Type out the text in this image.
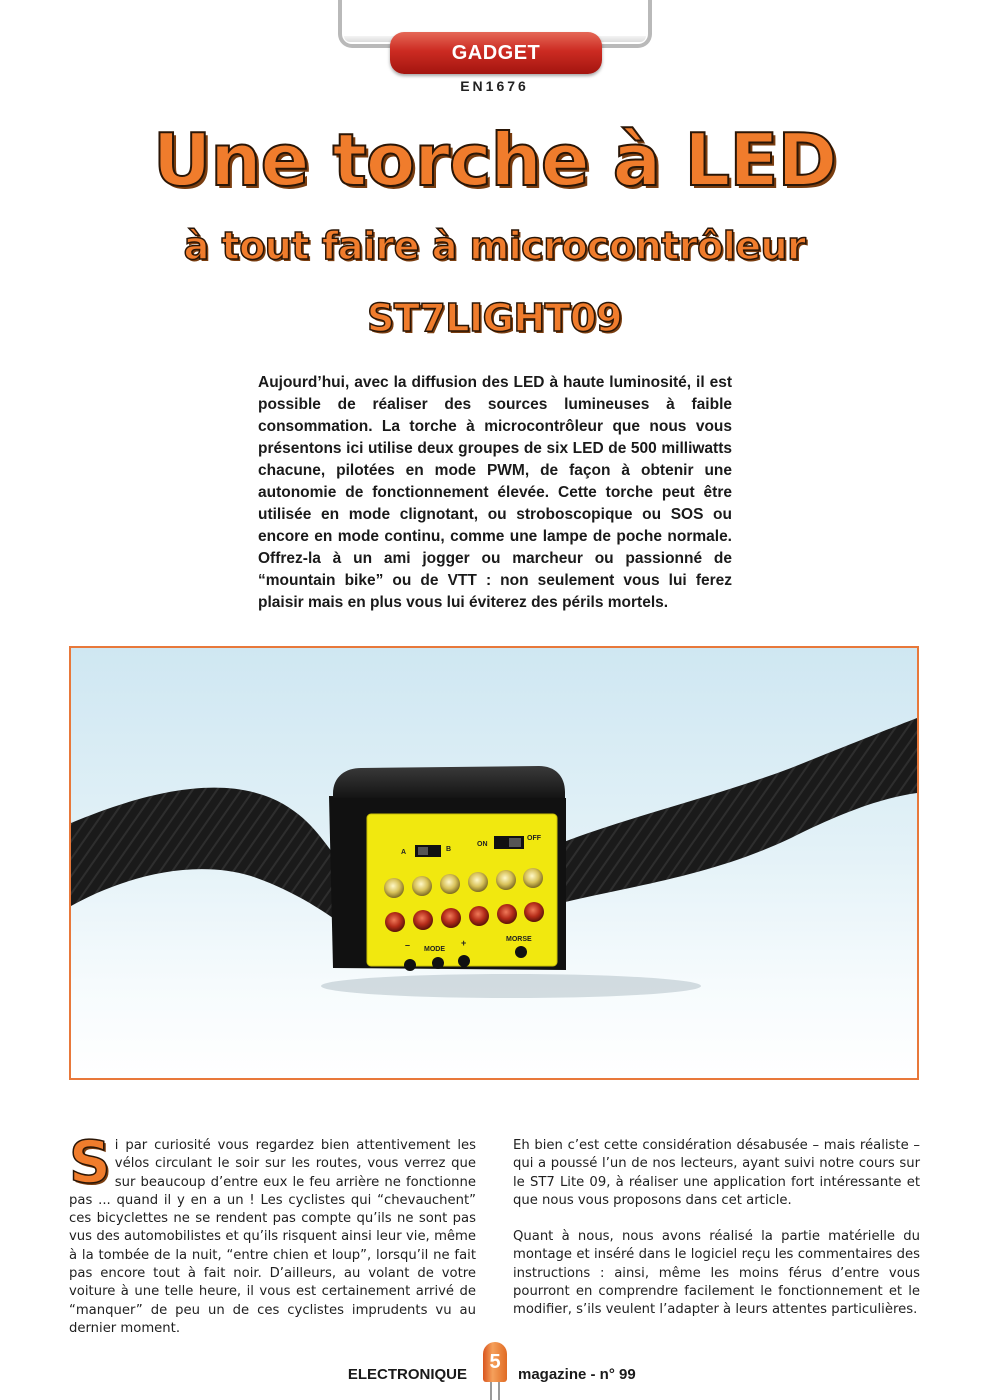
GADGET
EN1676
Une torche à LED
à tout faire à microcontrôleur
ST7LIGHT09

Aujourd’hui, avec la diffusion des LED à haute luminosité, il est possible de réaliser des sources lumineuses à faible consommation. La torche à microcontrôleur que nous vous présentons ici utilise deux groupes de six LED de 500 milliwatts chacune, pilotées en mode PWM, de façon à obtenir une autonomie de fonctionnement élevée. Cette torche peut être utilisée en mode clignotant, ou stroboscopique ou SOS ou encore en mode continu, comme une lampe de poche normale. Offrez-la à un ami jogger ou marcheur ou passionné de “mountain bike” ou de VTT : non seulement vous lui ferez plaisir mais en plus vous lui éviterez des périls mortels.

A	B
ON
OFF
– MODE
+	MORSE

Si par curiosité vous regardez bien attentivement les vélos circulant le soir sur les routes, vous verrez que sur beaucoup d’entre eux le feu arrière ne fonctionne pas ... quand il y en a un ! Les cyclistes qui “chevauchent” ces bicyclettes ne se rendent pas compte qu’ils ne sont pas vus des automobilistes et qu’ils risquent ainsi leur vie, même à la tombée de la nuit, “entre chien et loup”, lorsqu’il ne fait pas encore tout à fait noir. D’ailleurs, au volant de votre voiture à une telle heure, il vous est certainement arrivé de “manquer” de peu un de ces cyclistes imprudents vu au dernier moment.

Eh bien c’est cette considération désabusée – mais réaliste – qui a poussé l’un de nos lecteurs, ayant suivi notre cours sur le ST7 Lite 09, à réaliser une application fort intéressante et que nous vous proposons dans cet article.

Quant à nous, nous avons réalisé la partie matérielle du montage et inséré dans le logiciel reçu les commentaires des instructions : ainsi, même les moins férus d’entre vous pourront en comprendre facilement le fonctionnement et le modifier, s’ils veulent l’adapter à leurs attentes particulières.

ELECTRONIQUE
5
magazine - n° 99
